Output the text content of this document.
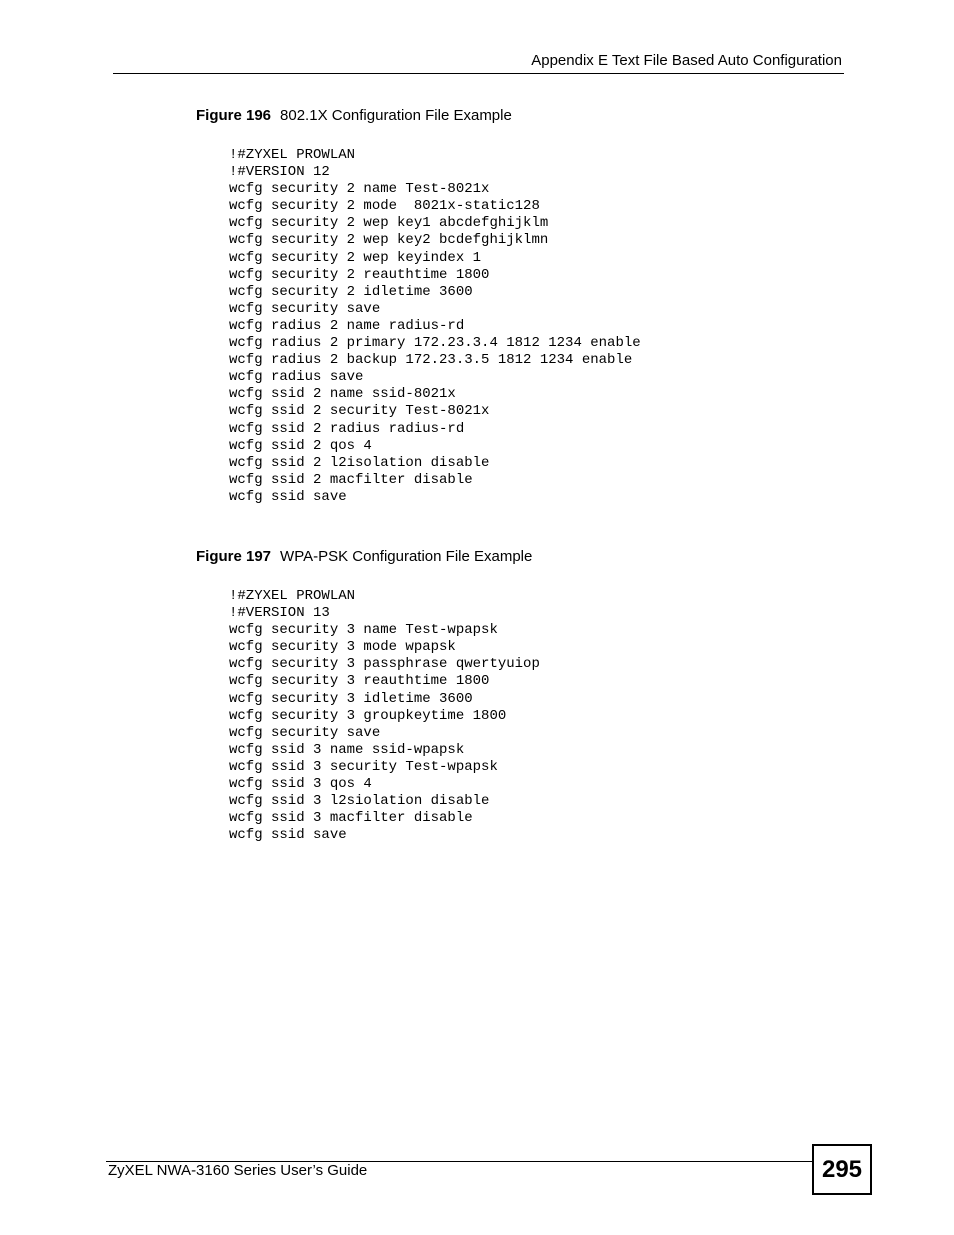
Appendix E Text File Based Auto Configuration
Figure 196 802.1X Configuration File Example
!#ZYXEL PROWLAN
!#VERSION 12
wcfg security 2 name Test-8021x
wcfg security 2 mode  8021x-static128
wcfg security 2 wep key1 abcdefghijklm
wcfg security 2 wep key2 bcdefghijklmn
wcfg security 2 wep keyindex 1
wcfg security 2 reauthtime 1800
wcfg security 2 idletime 3600
wcfg security save
wcfg radius 2 name radius-rd
wcfg radius 2 primary 172.23.3.4 1812 1234 enable
wcfg radius 2 backup 172.23.3.5 1812 1234 enable
wcfg radius save
wcfg ssid 2 name ssid-8021x
wcfg ssid 2 security Test-8021x
wcfg ssid 2 radius radius-rd
wcfg ssid 2 qos 4
wcfg ssid 2 l2isolation disable
wcfg ssid 2 macfilter disable
wcfg ssid save
Figure 197 WPA-PSK Configuration File Example
!#ZYXEL PROWLAN
!#VERSION 13
wcfg security 3 name Test-wpapsk
wcfg security 3 mode wpapsk
wcfg security 3 passphrase qwertyuiop
wcfg security 3 reauthtime 1800
wcfg security 3 idletime 3600
wcfg security 3 groupkeytime 1800
wcfg security save
wcfg ssid 3 name ssid-wpapsk
wcfg ssid 3 security Test-wpapsk
wcfg ssid 3 qos 4
wcfg ssid 3 l2siolation disable
wcfg ssid 3 macfilter disable
wcfg ssid save
ZyXEL NWA-3160 Series User’s Guide	295
